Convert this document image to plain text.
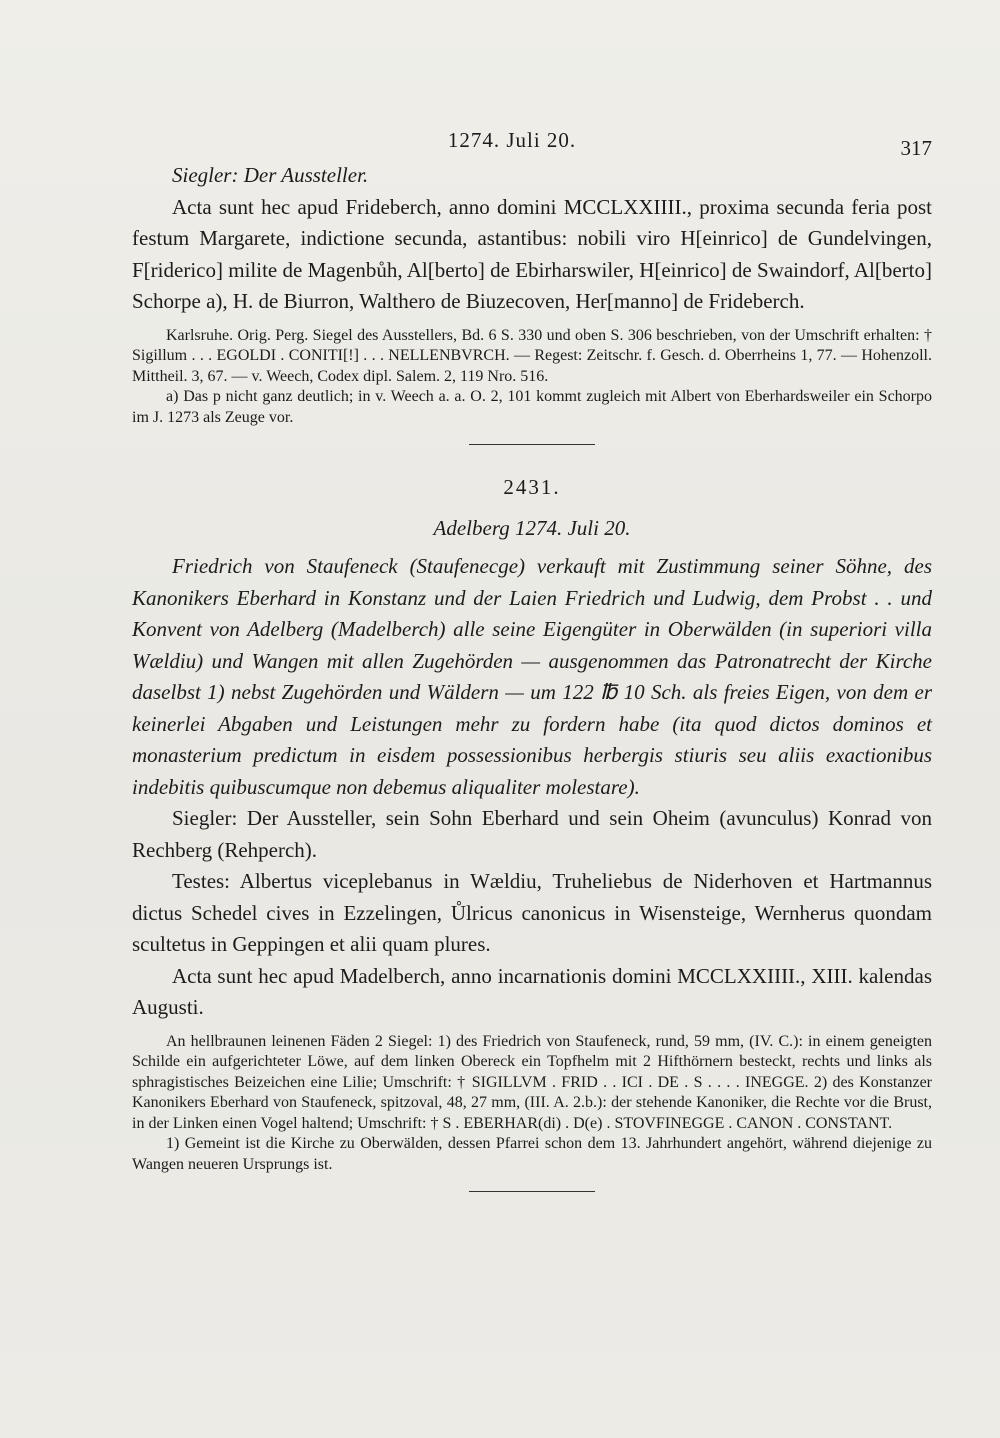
1274. Juli 20.	317

Siegler: Der Aussteller.

Acta sunt hec apud Frideberch, anno domini MCCLXXIIII., proxima secunda feria post festum Margarete, indictione secunda, astantibus: nobili viro H[einrico] de Gundelvingen, F[riderico] milite de Magenbůh, Al[berto] de Ebirharswiler, H[einrico] de Swaindorf, Al[berto] Schorpe a), H. de Biurron, Walthero de Biuzecoven, Her[manno] de Frideberch.

Karlsruhe. Orig. Perg. Siegel des Ausstellers, Bd. 6 S. 330 und oben S. 306 beschrieben, von der Umschrift erhalten: † Sigillum . . . EGOLDI . CONITI[!] . . . NELLENBVRCH. — Regest: Zeitschr. f. Gesch. d. Oberrheins 1, 77. — Hohenzoll. Mittheil. 3, 67. — v. Weech, Codex dipl. Salem. 2, 119 Nro. 516.

a) Das p nicht ganz deutlich; in v. Weech a. a. O. 2, 101 kommt zugleich mit Albert von Eberhardsweiler ein Schorpo im J. 1273 als Zeuge vor.

2431.
Adelberg 1274. Juli 20.

Friedrich von Staufeneck (Staufenecge) verkauft mit Zustimmung seiner Söhne, des Kanonikers Eberhard in Konstanz und der Laien Friedrich und Ludwig, dem Probst . . und Konvent von Adelberg (Madelberch) alle seine Eigengüter in Oberwälden (in superiori villa Wældiu) und Wangen mit allen Zugehörden — ausgenommen das Patronatrecht der Kirche daselbst 1) nebst Zugehörden und Wäldern — um 122 ℔ 10 Sch. als freies Eigen, von dem er keinerlei Abgaben und Leistungen mehr zu fordern habe (ita quod dictos dominos et monasterium predictum in eisdem possessionibus herbergis stiuris seu aliis exactionibus indebitis quibuscumque non debemus aliqualiter molestare).

Siegler: Der Aussteller, sein Sohn Eberhard und sein Oheim (avunculus) Konrad von Rechberg (Rehperch).

Testes: Albertus viceplebanus in Wældiu, Truheliebus de Niderhoven et Hartmannus dictus Schedel cives in Ezzelingen, Ůlricus canonicus in Wisensteige, Wernherus quondam scultetus in Geppingen et alii quam plures.

Acta sunt hec apud Madelberch, anno incarnationis domini MCCLXXIIII., XIII. kalendas Augusti.

An hellbraunen leinenen Fäden 2 Siegel: 1) des Friedrich von Staufeneck, rund, 59 mm, (IV. C.): in einem geneigten Schilde ein aufgerichteter Löwe, auf dem linken Obereck ein Topfhelm mit 2 Hifthörnern besteckt, rechts und links als sphragistisches Beizeichen eine Lilie; Umschrift: † SIGILLVM . FRID . . ICI . DE . S . . . . INEGGE. 2) des Konstanzer Kanonikers Eberhard von Staufeneck, spitzoval, 48, 27 mm, (III. A. 2.b.): der stehende Kanoniker, die Rechte vor die Brust, in der Linken einen Vogel haltend; Umschrift: † S . EBERHAR(di) . D(e) . STOVFINEGGE . CANON . CONSTANT.

1) Gemeint ist die Kirche zu Oberwälden, dessen Pfarrei schon dem 13. Jahrhundert angehört, während diejenige zu Wangen neueren Ursprungs ist.
